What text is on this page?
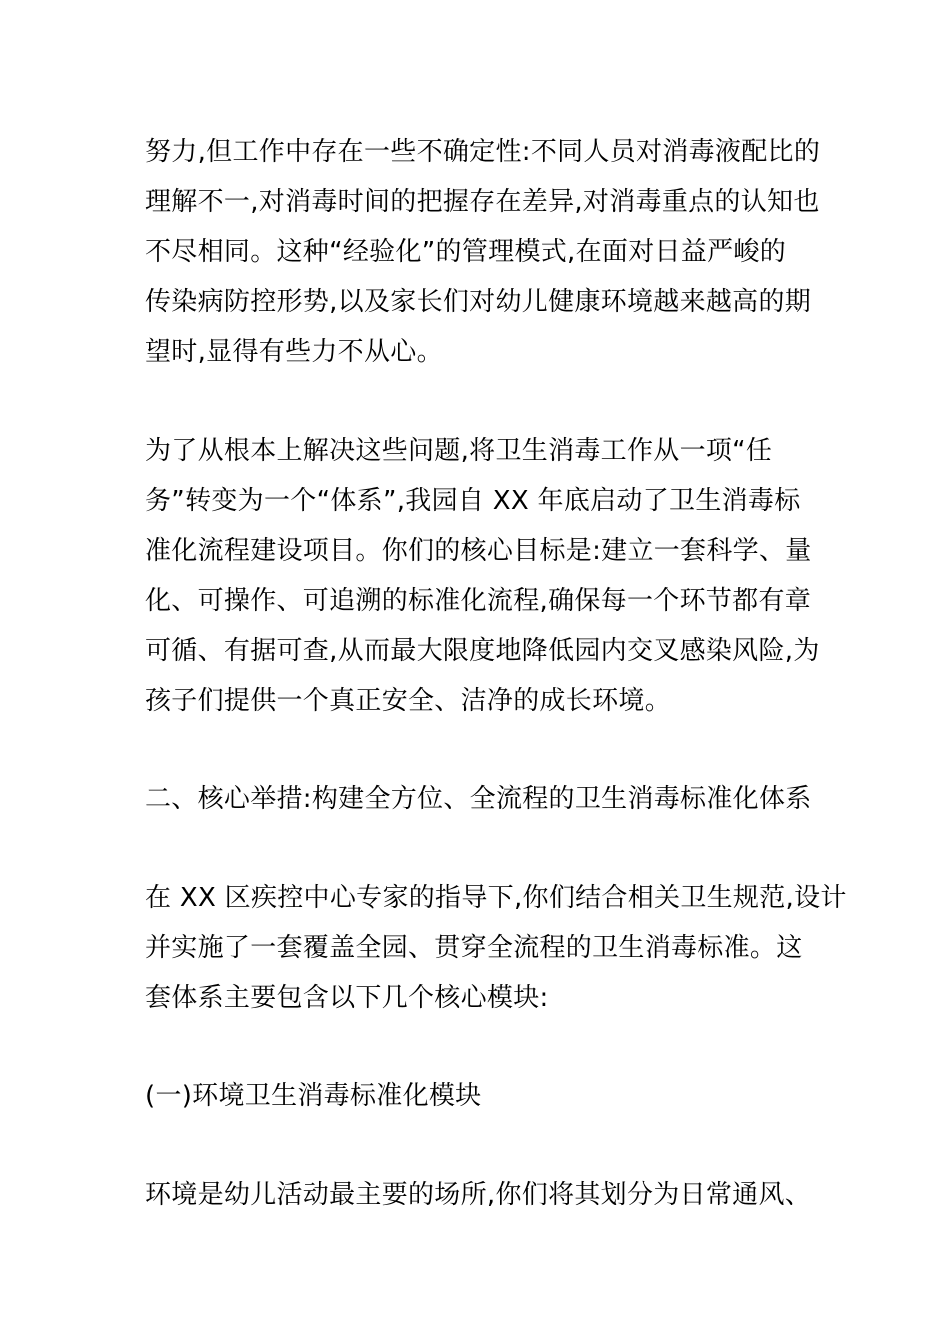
努力,但工作中存在一些不确定性:不同人员对消毒液配比的
理解不一,对消毒时间的把握存在差异,对消毒重点的认知也
不尽相同。这种“经验化”的管理模式,在面对日益严峻的
传染病防控形势,以及家长们对幼儿健康环境越来越高的期
望时,显得有些力不从心。
为了从根本上解决这些问题,将卫生消毒工作从一项“任
务”转变为一个“体系”,我园自 XX 年底启动了卫生消毒标
准化流程建设项目。你们的核心目标是:建立一套科学、量
化、可操作、可追溯的标准化流程,确保每一个环节都有章
可循、有据可查,从而最大限度地降低园内交叉感染风险,为
孩子们提供一个真正安全、洁净的成长环境。
二、核心举措:构建全方位、全流程的卫生消毒标准化体系
在 XX 区疾控中心专家的指导下,你们结合相关卫生规范,设计
并实施了一套覆盖全园、贯穿全流程的卫生消毒标准。这
套体系主要包含以下几个核心模块:
(一)环境卫生消毒标准化模块
环境是幼儿活动最主要的场所,你们将其划分为日常通风、
